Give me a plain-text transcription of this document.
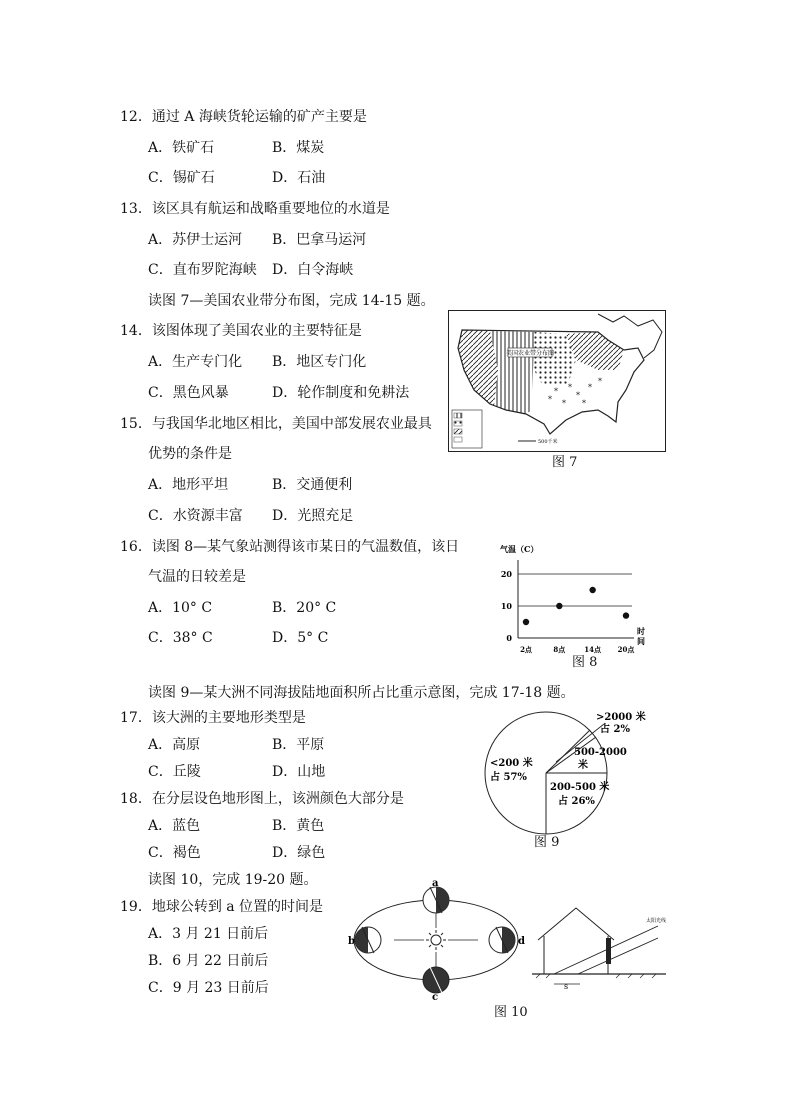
12．通过 A 海峡货轮运输的矿产主要是
A．铁矿石	B．煤炭
C．锡矿石	D．石油
13．该区具有航运和战略重要地位的水道是
A．苏伊士运河 B．巴拿马运河
C．直布罗陀海峡 D．白令海峡
读图 7—美国农业带分布图，完成 14-15 题。
14．该图体现了美国农业的主要特征是
A．生产专门化 B．地区专门化
C．黑色风暴	D．轮作制度和免耕法
15．与我国华北地区相比，美国中部发展农业最具
优势的条件是
A．地形平坦	B．交通便利
C．水资源丰富 D．光照充足
16．读图 8—某气象站测得该市某日的气温数值，该日
气温的日较差是
A．10° C	B．20° C
C．38° C	D．5° C
读图 9—某大洲不同海拔陆地面积所占比重示意图，完成 17-18 题。
17．该大洲的主要地形类型是
A．高原	B．平原
C．丘陵	D．山地
18．在分层设色地形图上，该洲颜色大部分是
A．蓝色	B．黄色
C．褐色	D．绿色
读图 10，完成 19-20 题。
19．地球公转到 a 位置的时间是
A．3 月 21 日前后
B．6 月 22 日前后
C．9 月 23 日前后
* *
*
*
*
*
*
*
美国农业带分布图
500千米
图 7
气温（C）
时
间
0
10
20
2点	8点	14点 20点
图 8
>2000 米
占 2%
500-2000
米
<200 米
占 57%
200-500 米
占 26%
图 9
a
b
c
d
s
太阳光线
图 10
